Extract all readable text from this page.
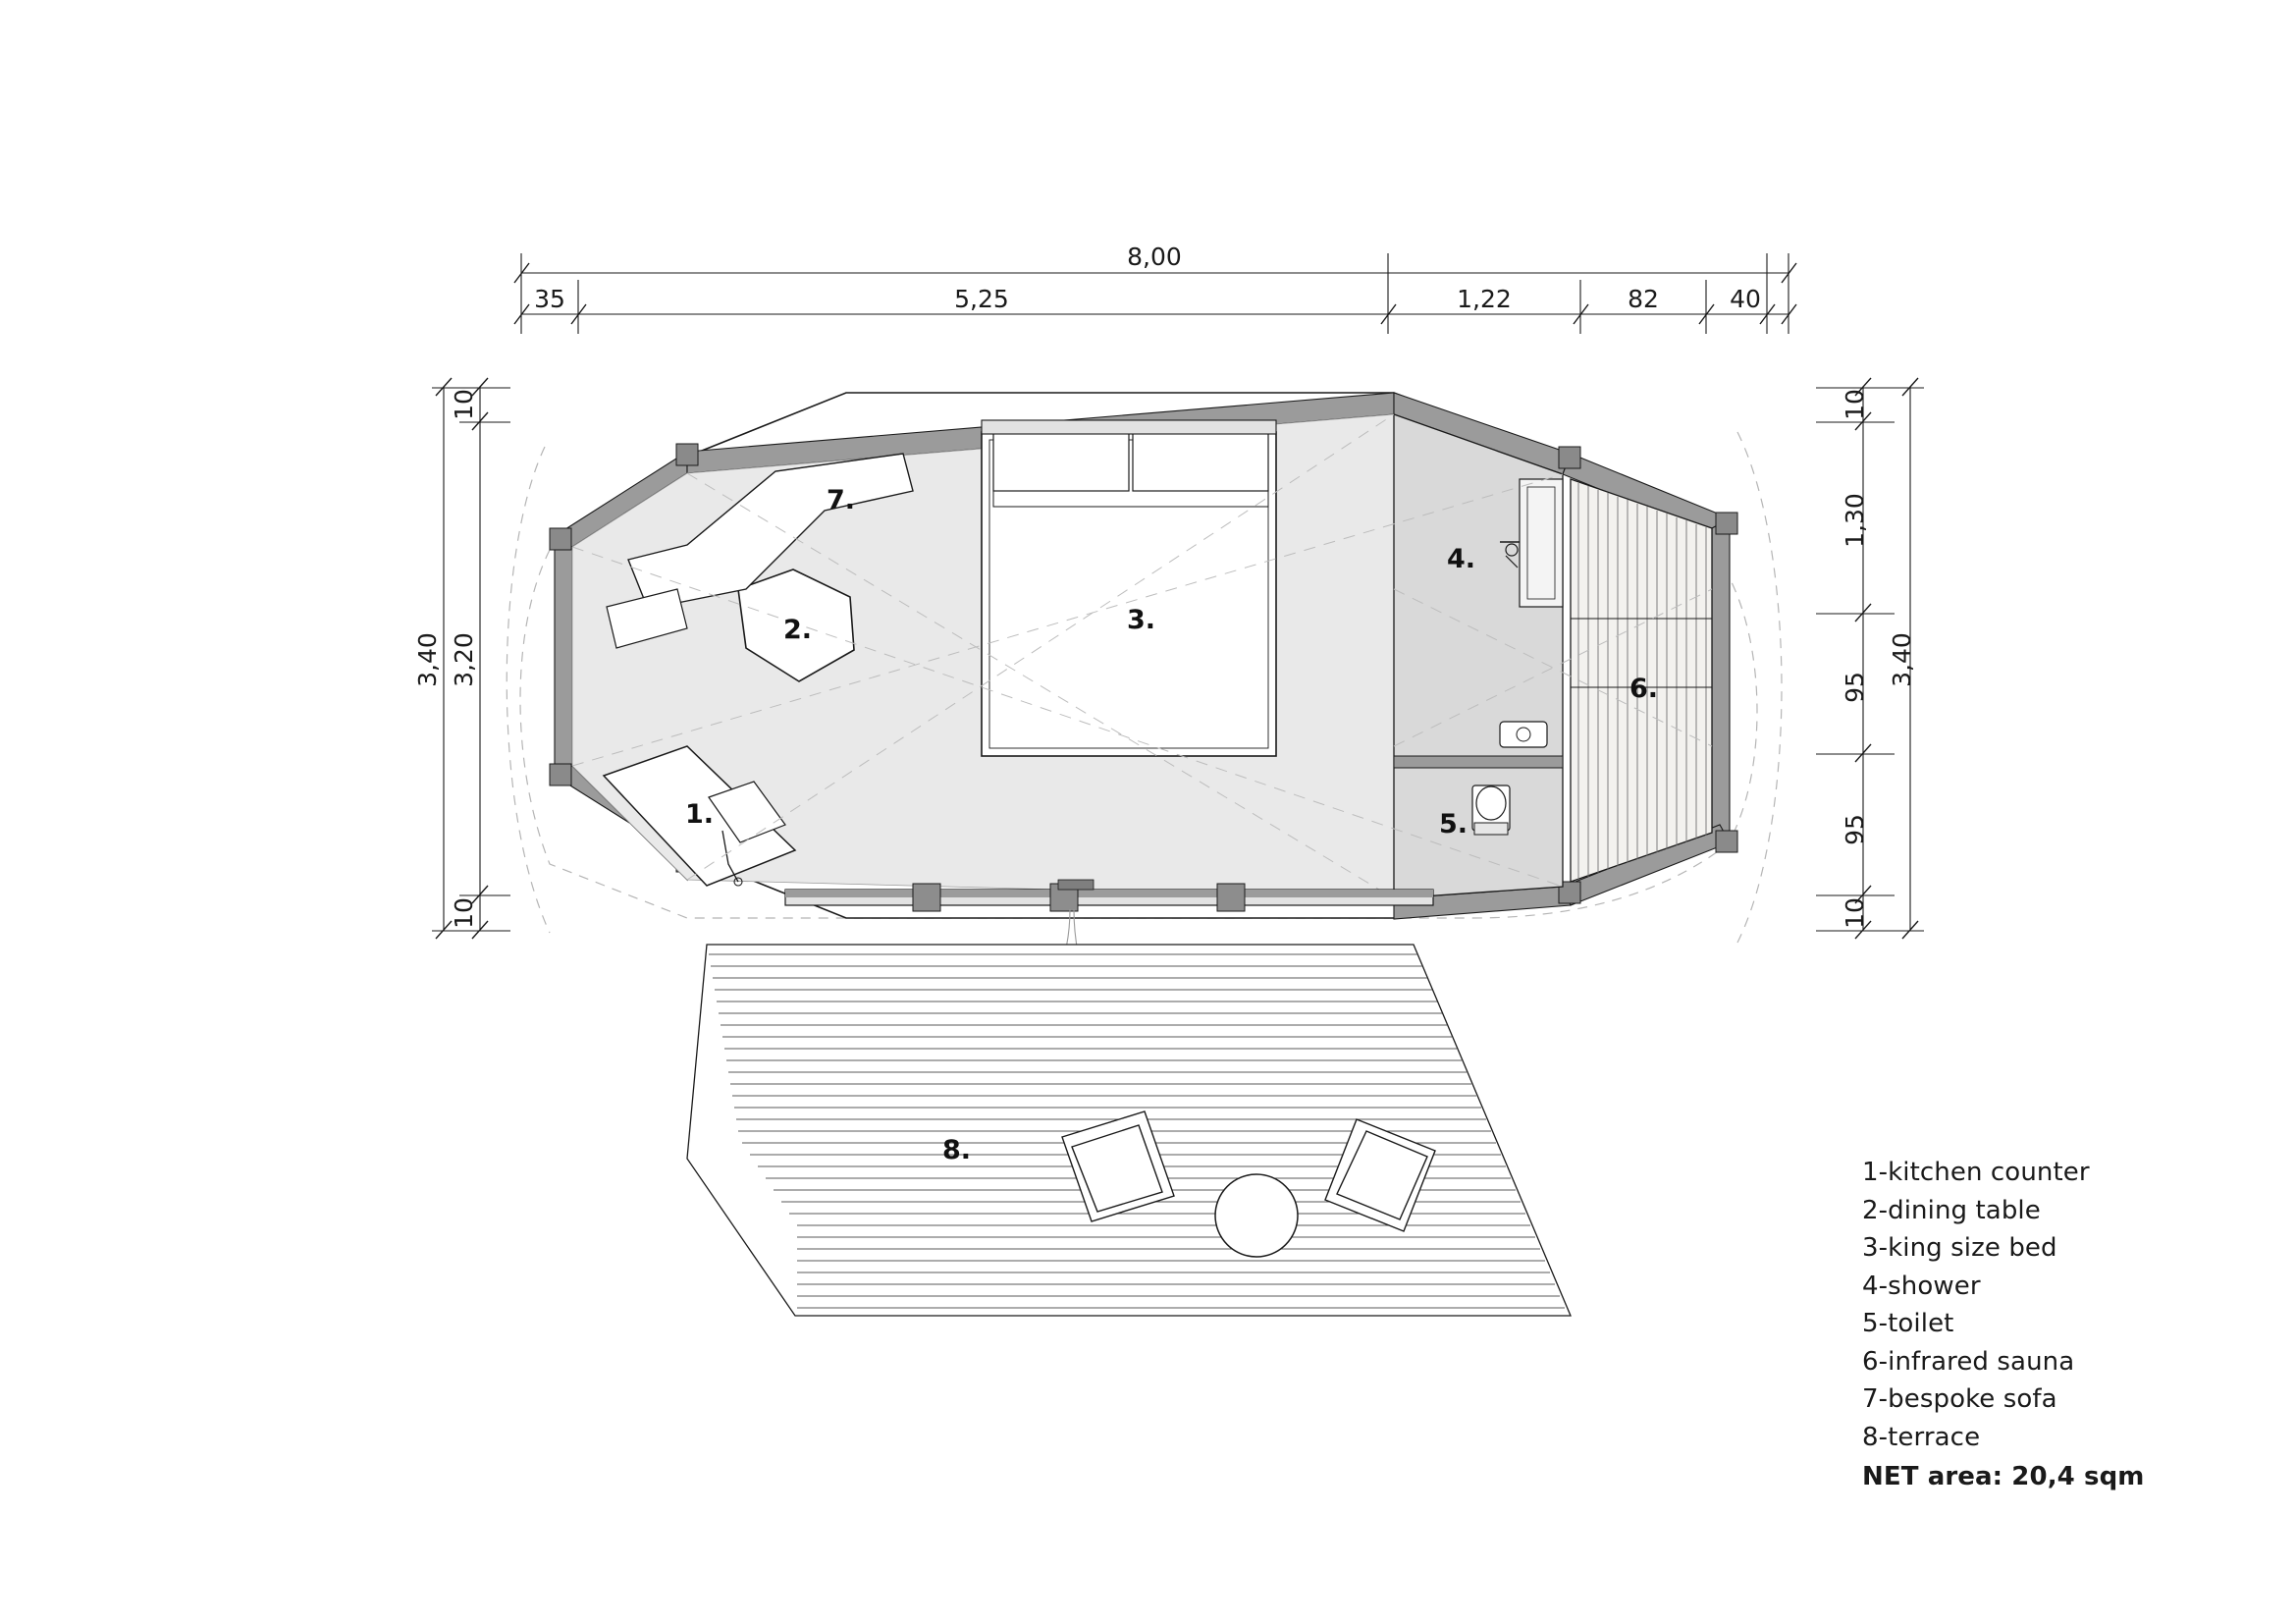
8,00
35	5,25	1,22	82	40
3,40 3,20
10
10
10
1,30
95
95
10
3,40
1.
2.	3.
4.
5.
6.
7.
8.
1-kitchen counter
2-dining table
3-king size bed
4-shower
5-toilet
6-infrared sauna
7-bespoke sofa
8-terrace
NET area: 20,4 sqm
